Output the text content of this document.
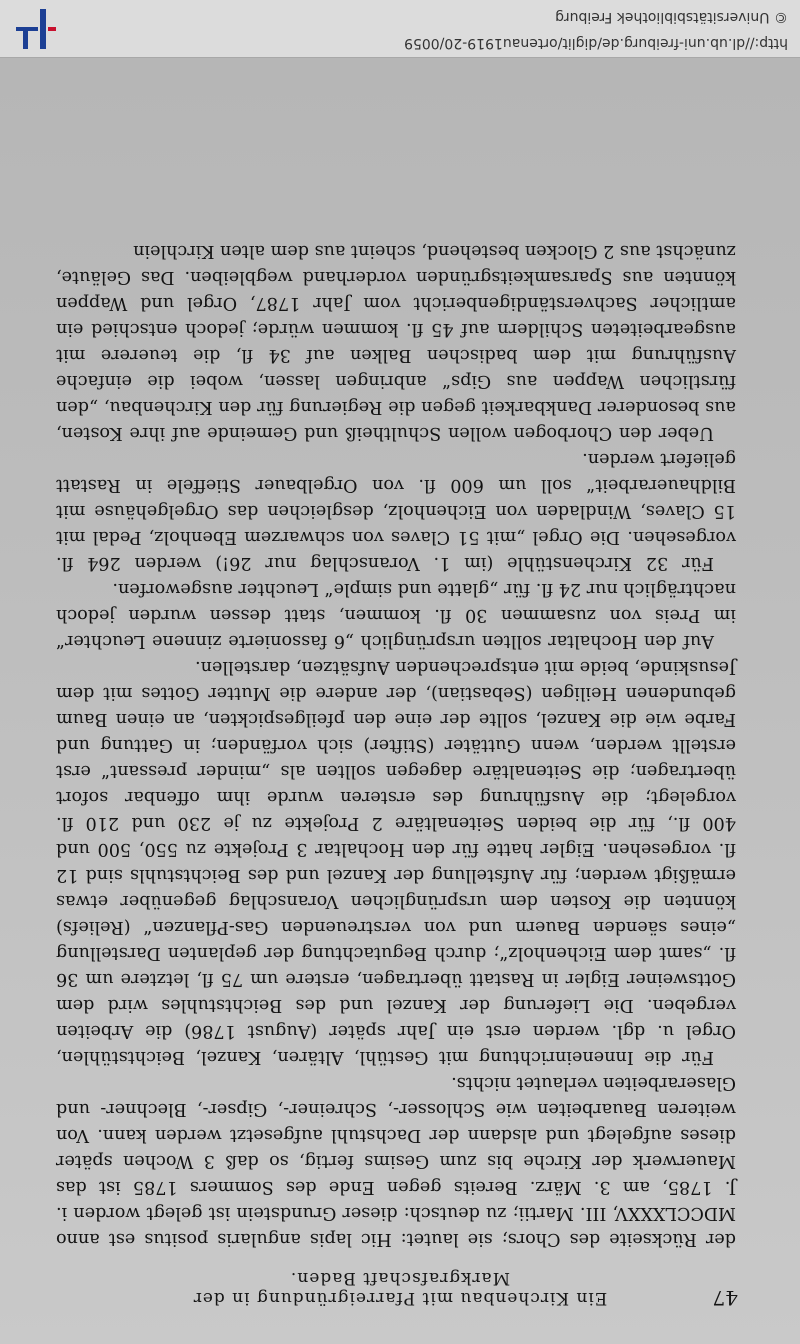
Ein Kirchenbau mit Pfarreigründung in der Markgrafschaft Baden.
47

der Rückseite des Chors; sie lautet: Hic lapis angularis positus est anno MDCCLXXXV, III. Martii; zu deutsch: dieser Grundstein ist gelegt worden i. J. 1785, am 3. März. Bereits gegen Ende des Sommers 1785 ist das Mauerwerk der Kirche bis zum Gesims fertig, so daß 3 Wochen später dieses aufgelegt und alsdann der Dachstuhl aufgesetzt werden kann. Von weiteren Bauarbeiten wie Schlosser-, Schreiner-, Gipser-, Blechner- und Glaserarbeiten verlautet nichts.

Für die Inneneinrichtung mit Gestühl, Altären, Kanzel, Beichtstühlen, Orgel u. dgl. werden erst ein Jahr später (August 1786) die Arbeiten vergeben. Die Lieferung der Kanzel und des Beichtstuhles wird dem Gottsweiner Eigler in Rastatt übertragen, erstere um 75 fl, letztere um 36 fl. „samt dem Eichenholz“; durch Begutachtung der geplanten Darstellung „eines säenden Bauern und von verstreuenden Gas-Pflanzen“ (Reliefs) könnten die Kosten dem ursprünglichen Voranschlag gegenüber etwas ermäßigt werden; für Aufstellung der Kanzel und des Beichtstuhls sind 12 fl. vorgesehen. Eigler hatte für den Hochaltar 3 Projekte zu 550, 500 und 400 fl., für die beiden Seitenaltäre 2 Projekte zu je 230 und 210 fl. vorgelegt; die Ausführung des ersteren wurde ihm offenbar sofort übertragen; die Seitenaltäre dagegen sollten als „minder pressant“ erst erstellt werden, wenn Guttäter (Stifter) sich vorfänden; in Gattung und Farbe wie die Kanzel, sollte der eine den pfeilgespickten, an einen Baum gebundenen Heiligen (Sebastian), der andere die Mutter Gottes mit dem Jesuskinde, beide mit entsprechenden Aufsätzen, darstellen.

Auf den Hochaltar sollten ursprünglich „6 fassonierte zinnene Leuchter“ im Preis von zusammen 30 fl. kommen, statt dessen wurden jedoch nachträglich nur 24 fl. für „glatte und simple“ Leuchter ausgeworfen.

Für 32 Kirchenstühle (im 1. Voranschlag nur 26!) werden 264 fl. vorgesehen. Die Orgel „mit 51 Claves von schwarzem Ebenholz, Pedal mit 15 Claves, Windladen von Eichenholz, desgleichen das Orgelgehäuse mit Bildhauerarbeit“ soll um 600 fl. von Orgelbauer Stieffele in Rastatt geliefert werden.

Ueber den Chorbogen wollen Schultheiß und Gemeinde auf ihre Kosten, aus besonderer Dankbarkeit gegen die Regierung für den Kirchenbau, „den fürstlichen Wappen aus Gips“ anbringen lassen, wobei die einfache Ausführung mit dem badischen Balken auf 34 fl, die teuerere mit ausgearbeiteten Schildern auf 45 fl. kommen würde; jedoch entschied ein amtlicher Sachverständigenbericht vom Jahr 1787, Orgel und Wappen könnten aus Sparsamkeitsgründen vorderhand wegbleiben. Das Geläute, zunächst aus 2 Glocken bestehend, scheint aus dem alten Kirchlein

http://dl.ub.uni-freiburg.de/diglit/ortenau1919-20/0059
© Universitätsbibliothek Freiburg
